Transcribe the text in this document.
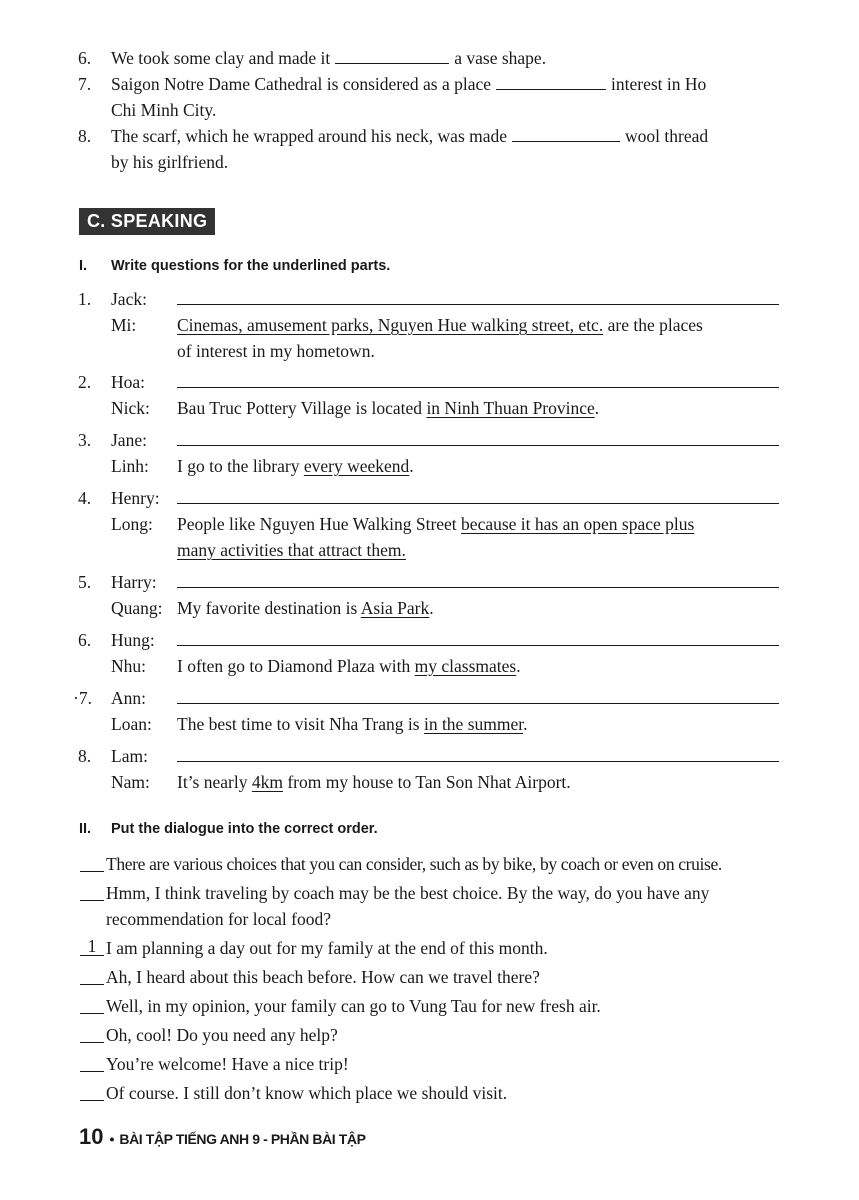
6.	We took some clay and made it	a vase shape.
7.	Saigon Notre Dame Cathedral is considered as a place	interest in Ho
Chi Minh City.
8.	The scarf, which he wrapped around his neck, was made	wool thread
by his girlfriend.
C. SPEAKING
I. Write questions for the underlined parts.
1.	Jack:
Mi:	Cinemas, amusement parks, Nguyen Hue walking street, etc. are the places
of interest in my hometown.
2.	Hoa:
Nick:	Bau Truc Pottery Village is located in Ninh Thuan Province.
3.	Jane:
Linh:	I go to the library every weekend.
4.	Henry:
Long:	People like Nguyen Hue Walking Street because it has an open space plus
many activities that attract them.
5.	Harry:
Quang: My favorite destination is Asia Park.
6.	Hung:
Nhu:	I often go to Diamond Plaza with my classmates.
·7.	Ann:
Loan:	The best time to visit Nha Trang is in the summer.
8.	Lam:
Nam:	It’s nearly 4km from my house to Tan Son Nhat Airport.
II. Put the dialogue into the correct order.
There are various choices that you can consider, such as by bike, by coach or even on cruise.
Hmm, I think traveling by coach may be the best choice. By the way, do you have any
recommendation for local food?
1 I am planning a day out for my family at the end of this month.
Ah, I heard about this beach before. How can we travel there?
Well, in my opinion, your family can go to Vung Tau for new fresh air.
Oh, cool! Do you need any help?
You’re welcome! Have a nice trip!
Of course. I still don’t know which place we should visit.
10 • BÀI TẬP TIẾNG ANH 9 - PHẦN BÀI TẬP
